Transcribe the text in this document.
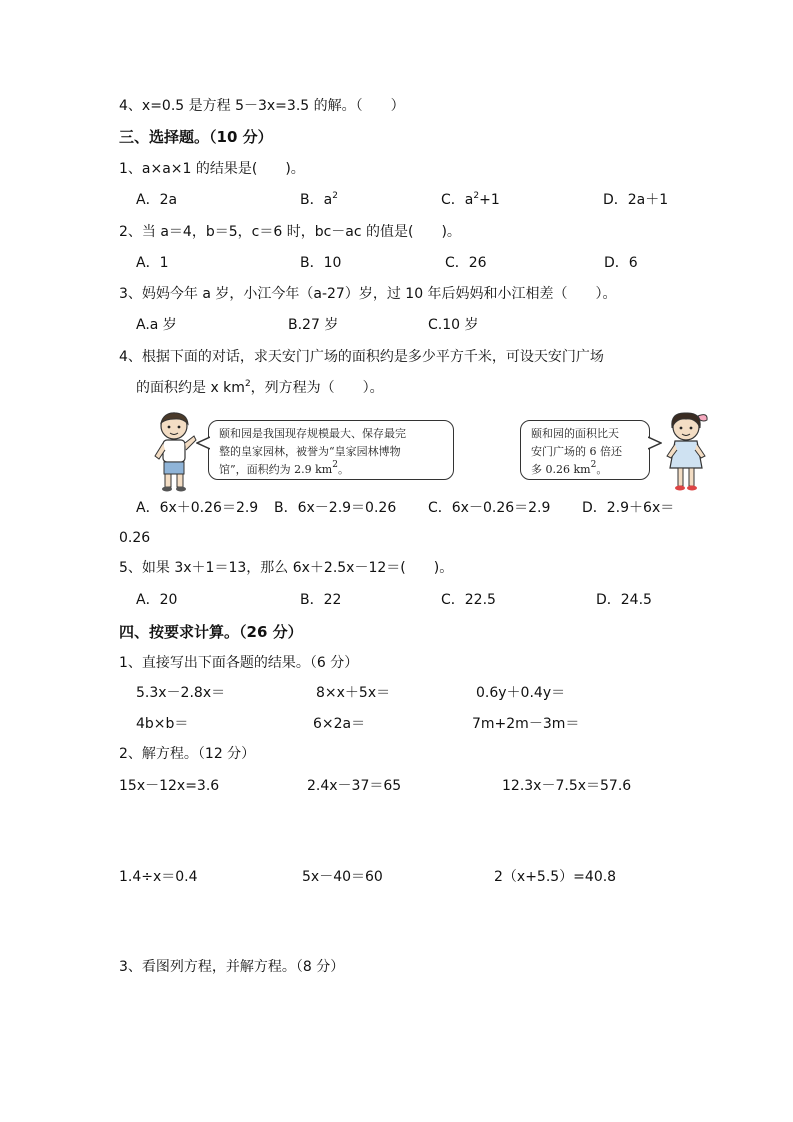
4、x=0.5 是方程 5－3x=3.5 的解。（　　）
三、选择题。（10 分）
1、a×a×1 的结果是(　　)。
A．2a	B．$a^2$	C．$a^2+1$	D．2a＋1
2、当 a＝4，b＝5，c＝6 时，bc－ac 的值是(　　)。
A．1	B．10	C．26	D．6
3、妈妈今年 a 岁，小江今年（a-27）岁，过 10 年后妈妈和小江相差（　　）。
A.a 岁	B.27 岁	C.10 岁
4、根据下面的对话，求天安门广场的面积约是多少平方千米，可设天安门广场
的面积约是 x $km^2$，列方程为（　　）。
颐和园是我国现存规模最大、保存最完
整的皇家园林，被誉为“皇家园林博物
馆”，面积约为 2.9 $km^2$。
颐和园的面积比天
安门广场的 6 倍还
多 0.26 $km^2$。
A．6x＋0.26＝2.9 B．6x－2.9＝0.26 C．6x－0.26＝2.9 D．2.9＋6x＝
0.26
5、如果 3x＋1＝13，那么 6x＋2.5x－12＝(　　)。
A．20	B．22	C．22.5	D．24.5
四、按要求计算。（26 分）
1、直接写出下面各题的结果。（6 分）
5.3x－2.8x＝	8×x＋5x＝	0.6y＋0.4y＝
4b×b＝	6×2a＝	7m+2m－3m＝
2、解方程。（12 分）
15x－12x=3.6	2.4x－37＝65	12.3x－7.5x＝57.6
1.4÷x＝0.4	5x－40＝60	2（x+5.5）=40.8
3、看图列方程，并解方程。（8 分）
